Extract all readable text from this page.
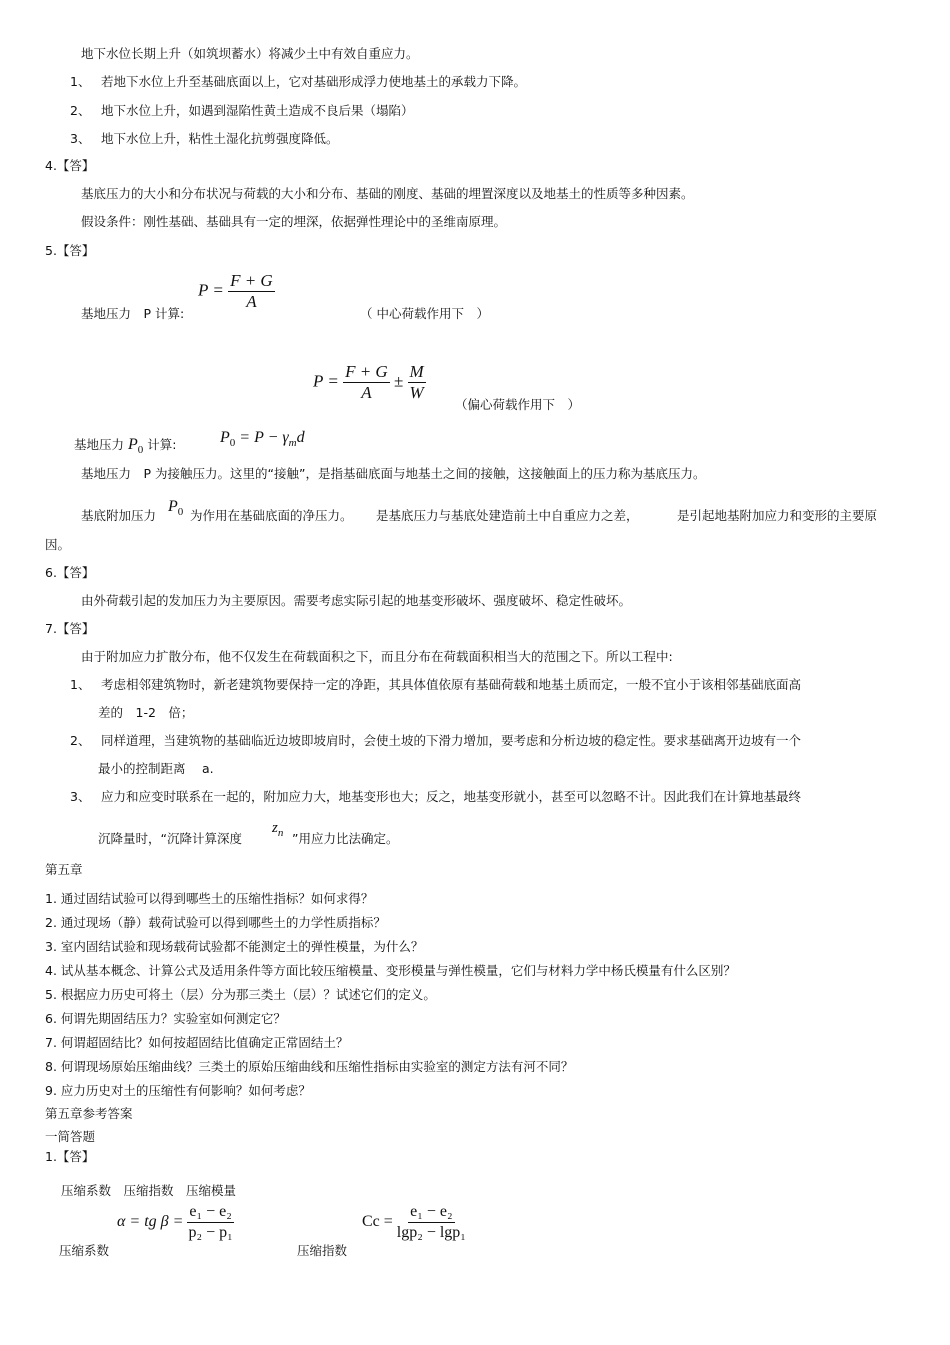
地下水位长期上升（如筑坝蓄水）将减少土中有效自重应力。
1、 若地下水位上升至基础底面以上，它对基础形成浮力使地基土的承载力下降。
2、 地下水位上升，如遇到湿陷性黄土造成不良后果（塌陷）
3、 地下水位上升，粘性土湿化抗剪强度降低。
4.【答】
基底压力的大小和分布状况与荷载的大小和分布、基础的刚度、基础的埋置深度以及地基土的性质等多种因素。
假设条件：刚性基础、基础具有一定的埋深，依据弹性理论中的圣维南原理。
5.【答】
$P = \frac{F + G}{A}$
基地压力　P 计算:	（ 中心荷载作用下　）
$P = \frac{F + G}{A} \pm \frac{M}{W}$
（偏心荷载作用下　）
基地压力 $P_0$ 计算:	$P_0 = P - \gamma_md$
基地压力　P 为接触压力。这里的“接触”，是指基础底面与地基土之间的接触，这接触面上的压力称为基底压力。
基底附加压力
$P_0$ 为作用在基础底面的净压力。 是基底压力与基底处建造前土中自重应力之差，	是引起地基附加应力和变形的主要原
因。
6.【答】
由外荷载引起的发加压力为主要原因。需要考虑实际引起的地基变形破坏、强度破坏、稳定性破坏。
7.【答】
由于附加应力扩散分布，他不仅发生在荷载面积之下，而且分布在荷载面积相当大的范围之下。所以工程中:
1、 考虑相邻建筑物时，新老建筑物要保持一定的净距，其具体值依原有基础荷载和地基土质而定，一般不宜小于该相邻基础底面高
差的　1-2　倍；
2、 同样道理，当建筑物的基础临近边坡即坡肩时，会使土坡的下滑力增加，要考虑和分析边坡的稳定性。要求基础离开边坡有一个
最小的控制距离　 a.
3、 应力和应变时联系在一起的，附加应力大，地基变形也大；反之，地基变形就小，甚至可以忽略不计。因此我们在计算地基最终
沉降量时，“沉降计算深度
$z_n$ ”用应力比法确定。
第五章
1. 通过固结试验可以得到哪些土的压缩性指标？如何求得？
2. 通过现场（静）载荷试验可以得到哪些土的力学性质指标？
3. 室内固结试验和现场载荷试验都不能测定土的弹性模量，为什么？
4. 试从基本概念、计算公式及适用条件等方面比较压缩模量、变形模量与弹性模量，它们与材料力学中杨氏模量有什么区别？
5. 根据应力历史可将土（层）分为那三类土（层）？试述它们的定义。
6. 何谓先期固结压力？实验室如何测定它？
7. 何谓超固结比？如何按超固结比值确定正常固结土？
8. 何谓现场原始压缩曲线？三类土的原始压缩曲线和压缩性指标由实验室的测定方法有河不同？
9. 应力历史对土的压缩性有何影响？如何考虑？
第五章参考答案
一简答题
1.【答】
压缩系数　压缩指数　压缩模量
α = tg $\beta = \frac{\text{e₁ − e₂}}{\text{p₂ − p₁}}$
压缩系数
$Cc = \frac{\text{e₁ − e₂}}{\text{lgp₂ − lgp₁}}$
压缩指数
